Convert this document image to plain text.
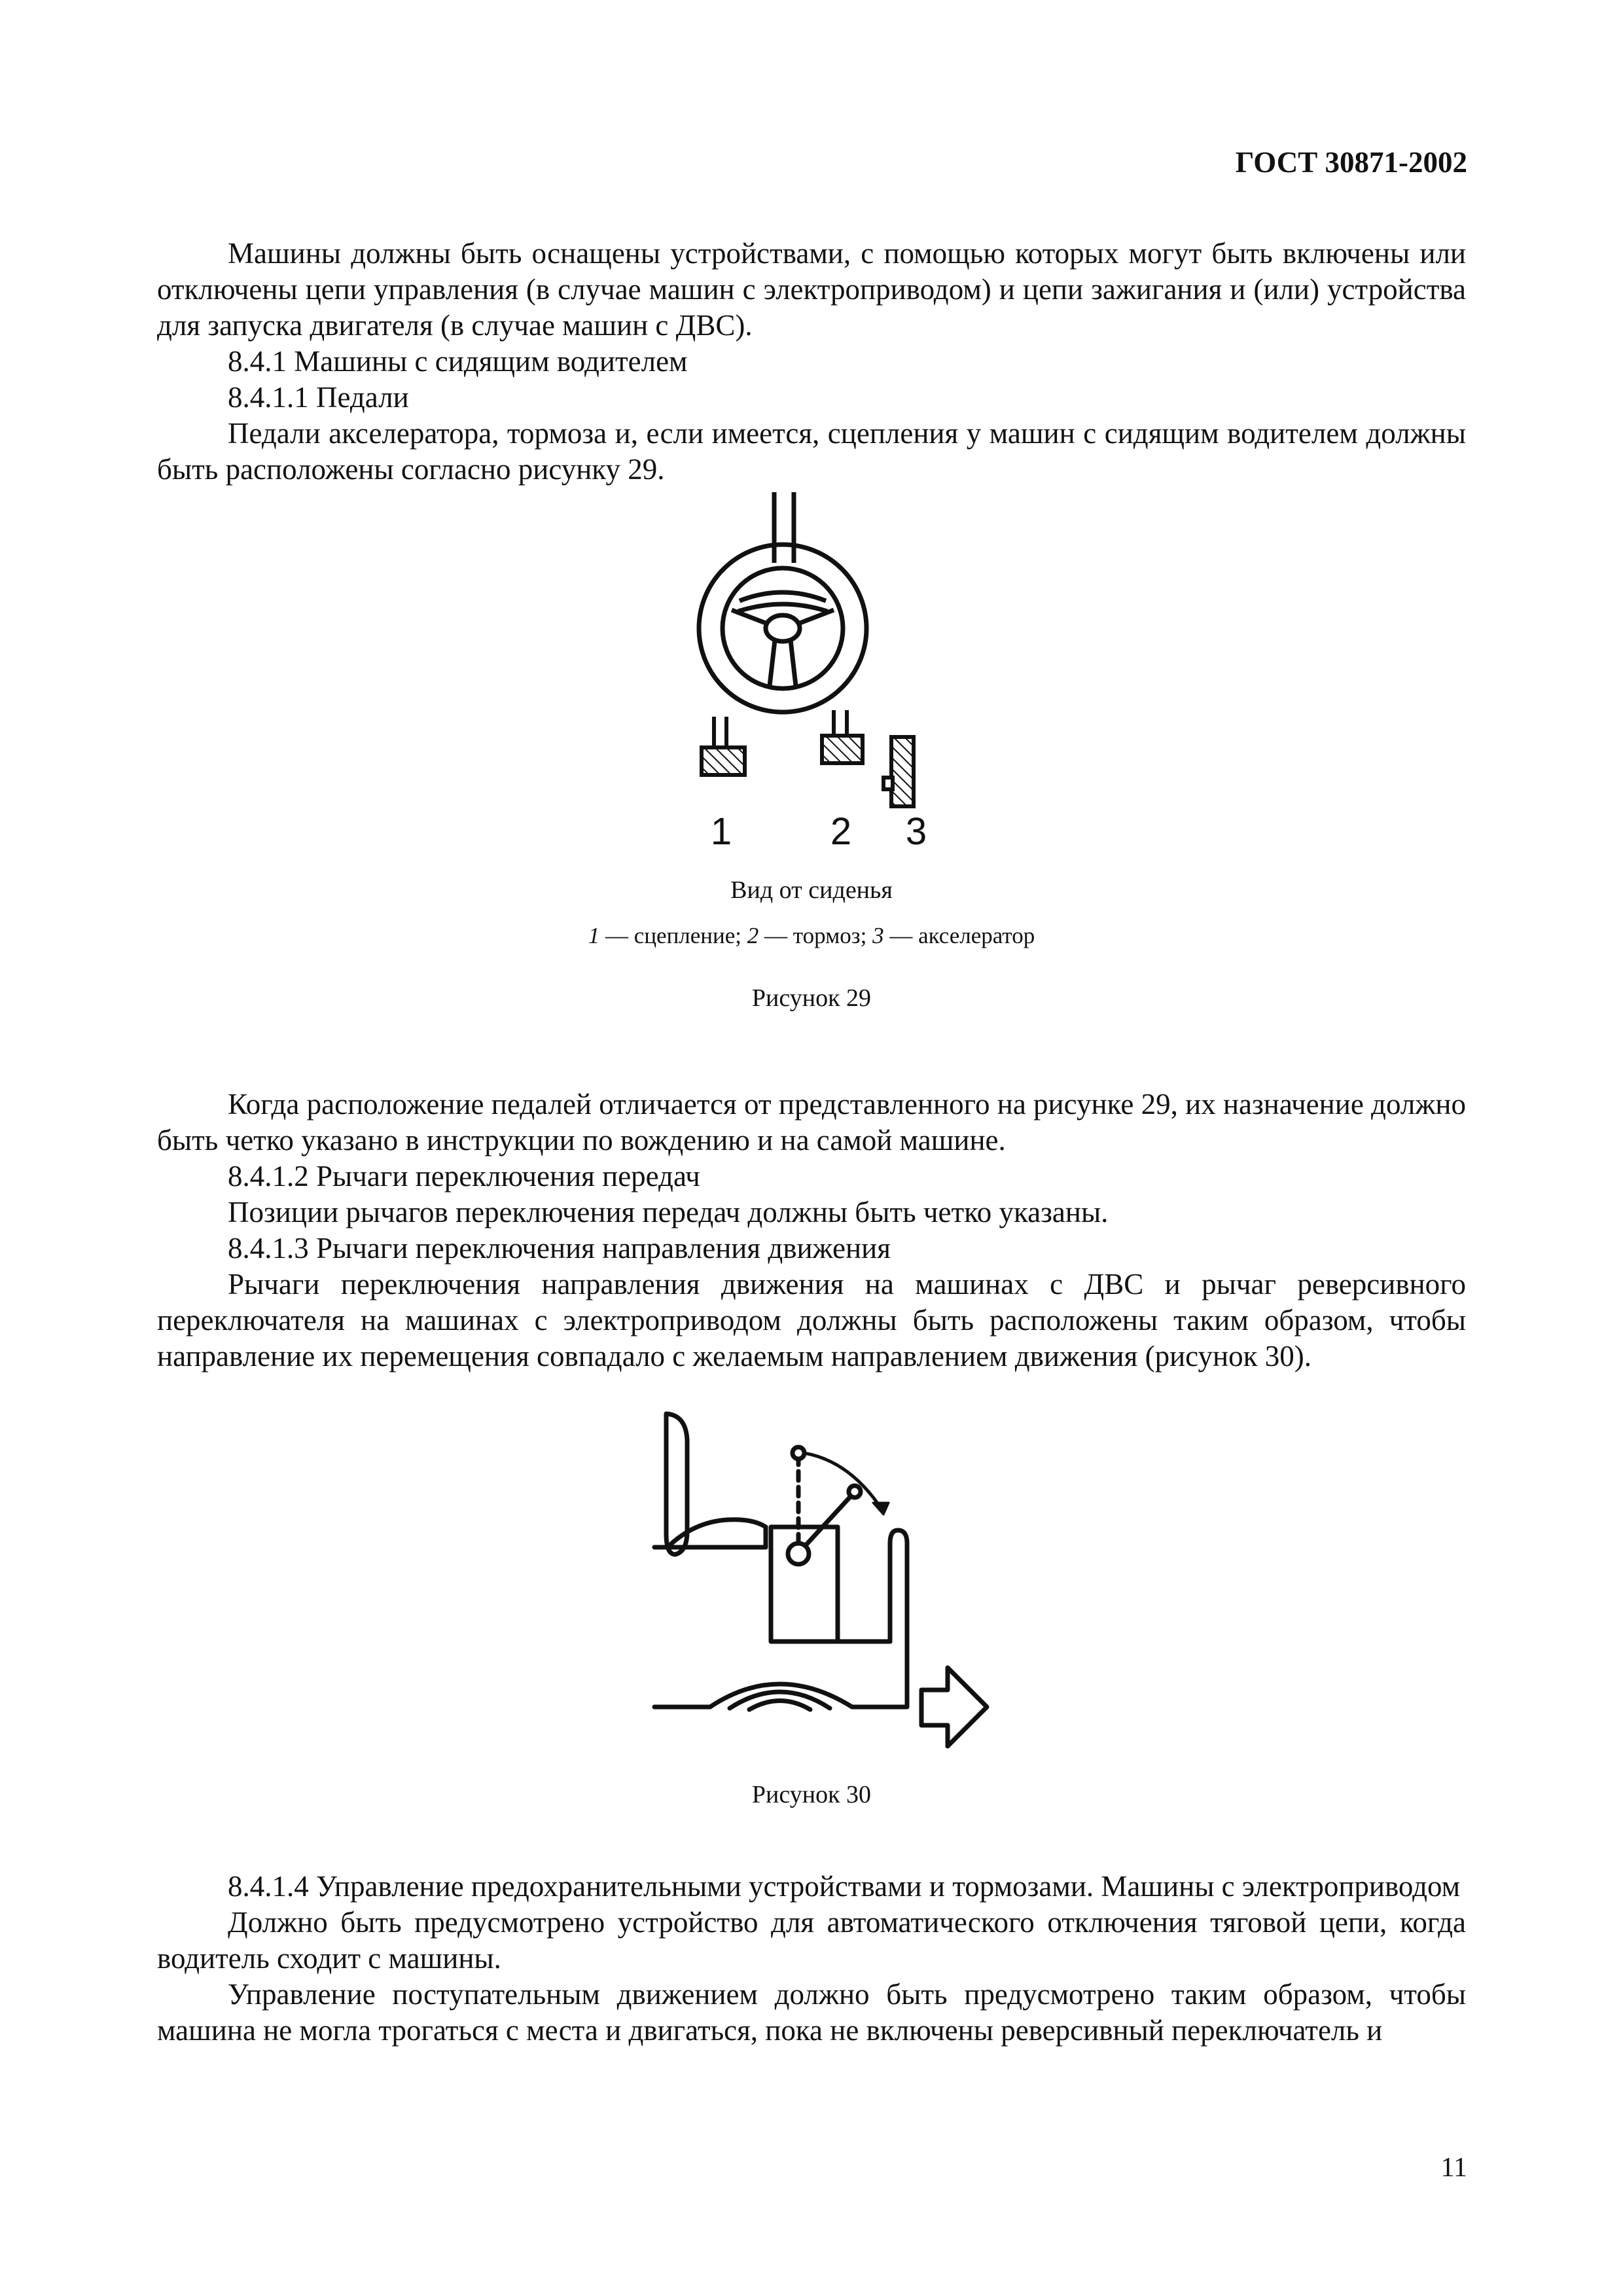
ГОСТ 30871-2002

Машины должны быть оснащены устройствами, с помощью которых могут быть включены или отключены цепи управления (в случае машин с электроприводом) и цепи зажигания и (или) устройства для запуска двигателя (в случае машин с ДВС).

8.4.1 Машины с сидящим водителем

8.4.1.1 Педали

Педали акселератора, тормоза и, если имеется, сцепления у машин с сидящим водителем должны быть расположены согласно рисунку 29.

1	2 3
Вид от сиденья
1 — сцепление; 2 — тормоз; 3 — акселератор
Рисунок 29

Когда расположение педалей отличается от представленного на рисунке 29, их назначение должно быть четко указано в инструкции по вождению и на самой машине.

8.4.1.2 Рычаги переключения передач

Позиции рычагов переключения передач должны быть четко указаны.

8.4.1.3 Рычаги переключения направления движения

Рычаги переключения направления движения на машинах с ДВС и рычаг реверсивного переключателя на машинах с электроприводом должны быть расположены таким образом, чтобы направление их перемещения совпадало с желаемым направлением движения (рисунок 30).

Рисунок 30

8.4.1.4 Управление предохранительными устройствами и тормозами. Машины с электроприводом

Должно быть предусмотрено устройство для автоматического отключения тяговой цепи, когда водитель сходит с машины.

Управление поступательным движением должно быть предусмотрено таким образом, чтобы машина не могла трогаться с места и двигаться, пока не включены реверсивный переключатель и

11
